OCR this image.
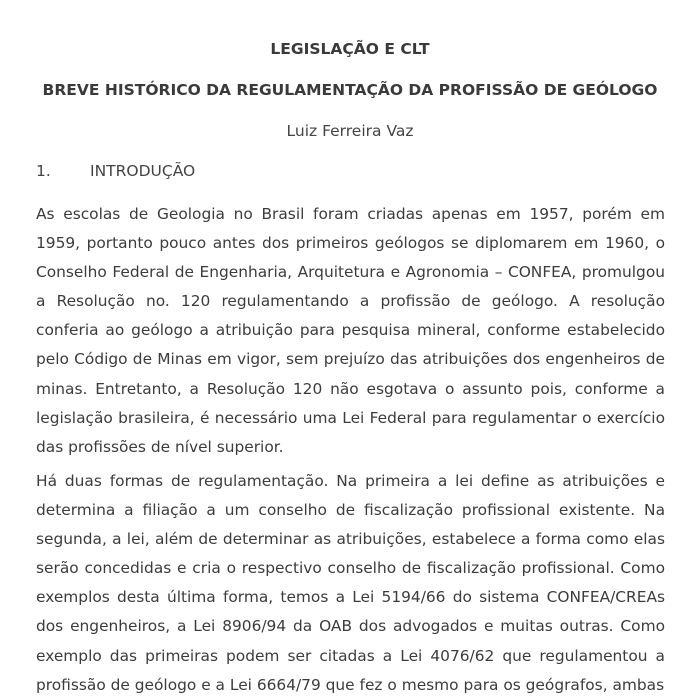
LEGISLAÇÃO E CLT
BREVE HISTÓRICO DA REGULAMENTAÇÃO DA PROFISSÃO DE GEÓLOGO
Luiz Ferreira Vaz
1.	INTRODUÇÃO

As escolas de Geologia no Brasil foram criadas apenas em 1957, porém em 1959, portanto pouco antes dos primeiros geólogos se diplomarem em 1960, o Conselho Federal de Engenharia, Arquitetura e Agronomia – CONFEA, promulgou a Resolução no. 120 regulamentando a profissão de geólogo. A resolução conferia ao geólogo a atribuição para pesquisa mineral, conforme estabelecido pelo Código de Minas em vigor, sem prejuízo das atribuições dos engenheiros de minas. Entretanto, a Resolução 120 não esgotava o assunto pois, conforme a legislação brasileira, é necessário uma Lei Federal para regulamentar o exercício das profissões de nível superior.

Há duas formas de regulamentação. Na primeira a lei define as atribuições e determina a filiação a um conselho de fiscalização profissional existente. Na segunda, a lei, além de determinar as atribuições, estabelece a forma como elas serão concedidas e cria o respectivo conselho de fiscalização profissional. Como exemplos desta última forma, temos a Lei 5194/66 do sistema CONFEA/CREAs dos engenheiros, a Lei 8906/94 da OAB dos advogados e muitas outras. Como exemplo das primeiras podem ser citadas a Lei 4076/62 que regulamentou a profissão de geólogo e a Lei 6664/79 que fez o mesmo para os geógrafos, ambas
